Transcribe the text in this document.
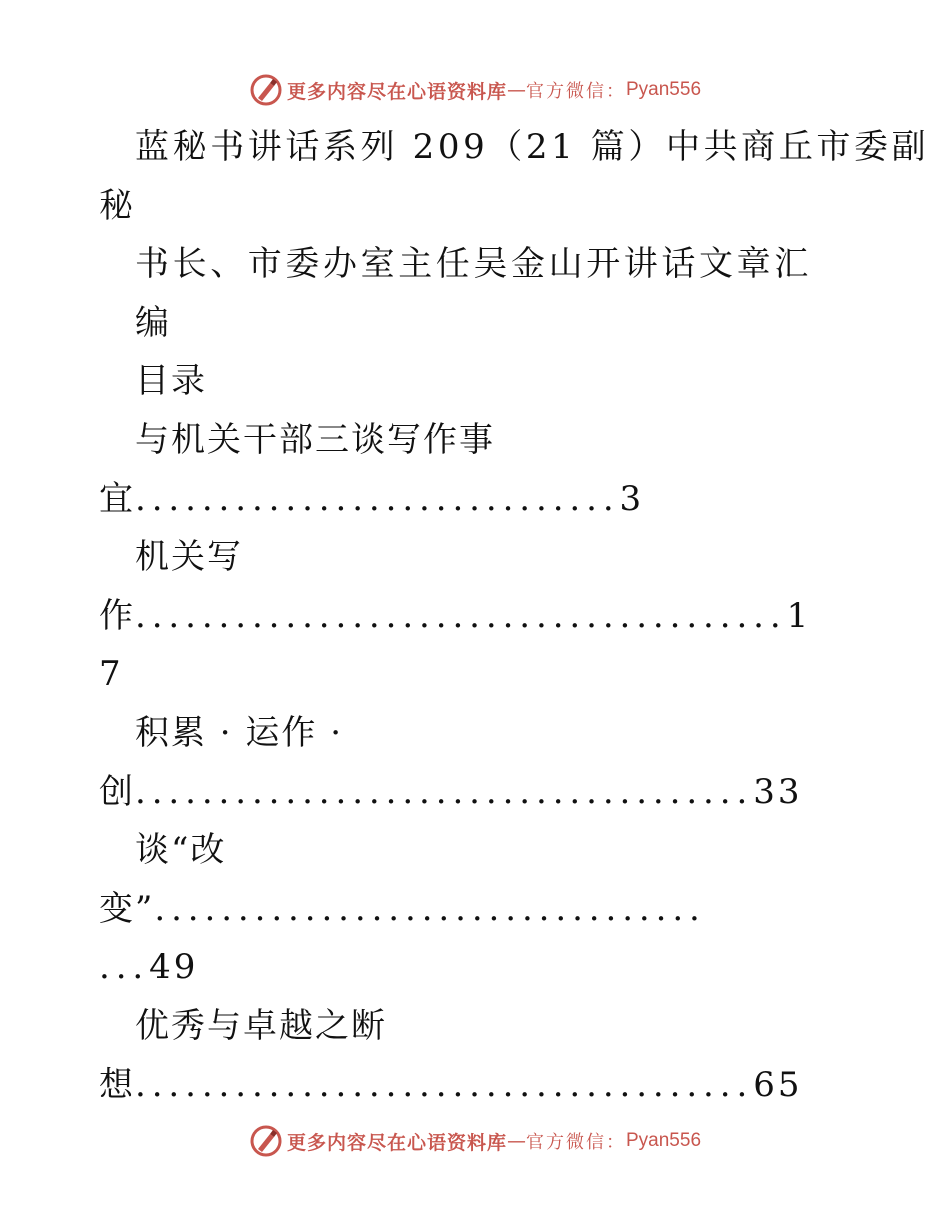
更多内容尽在心语资料库 — 官方微信： Pyan556
蓝秘书讲话系列 209（21 篇）中共商丘市委副
秘
书长、市委办室主任吴金山开讲话文章汇
编
目录
与机关干部三谈写作事
宜.............................3
机关写
作.......................................1
7
积累 · 运作 ·
创.....................................33
谈“改
变”.................................
...49
优秀与卓越之断
想.....................................65
更多内容尽在心语资料库 — 官方微信： Pyan556
